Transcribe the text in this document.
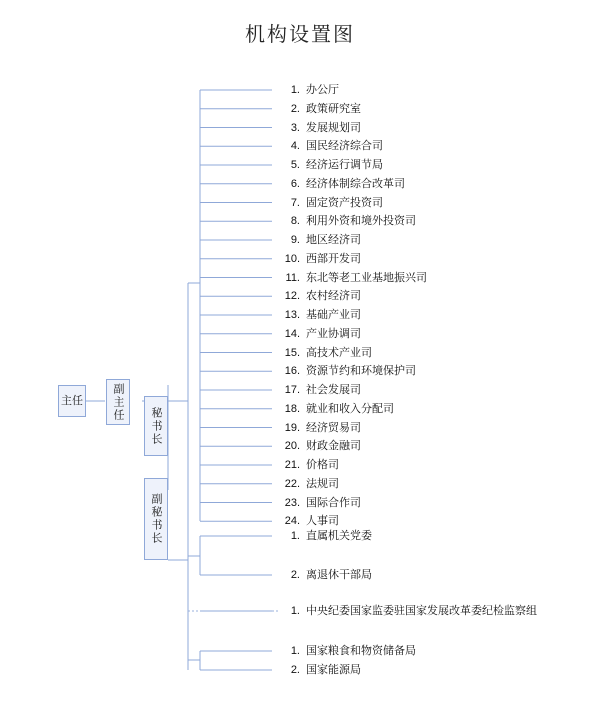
机构设置图
主任	副主任
秘书长
副秘书长
1. 办公厅
2. 政策研究室
3. 发展规划司
4. 国民经济综合司
5. 经济运行调节局
6. 经济体制综合改革司
7. 固定资产投资司
8. 利用外资和境外投资司
9. 地区经济司
10. 西部开发司
11. 东北等老工业基地振兴司
12. 农村经济司
13. 基础产业司
14. 产业协调司
15. 高技术产业司
16. 资源节约和环境保护司
17. 社会发展司
18. 就业和收入分配司
19. 经济贸易司
20. 财政金融司
21. 价格司
22. 法规司
23. 国际合作司
24. 人事司
1. 直属机关党委
2. 离退休干部局
1. 中央纪委国家监委驻国家发展改革委纪检监察组
1. 国家粮食和物资储备局
2. 国家能源局
